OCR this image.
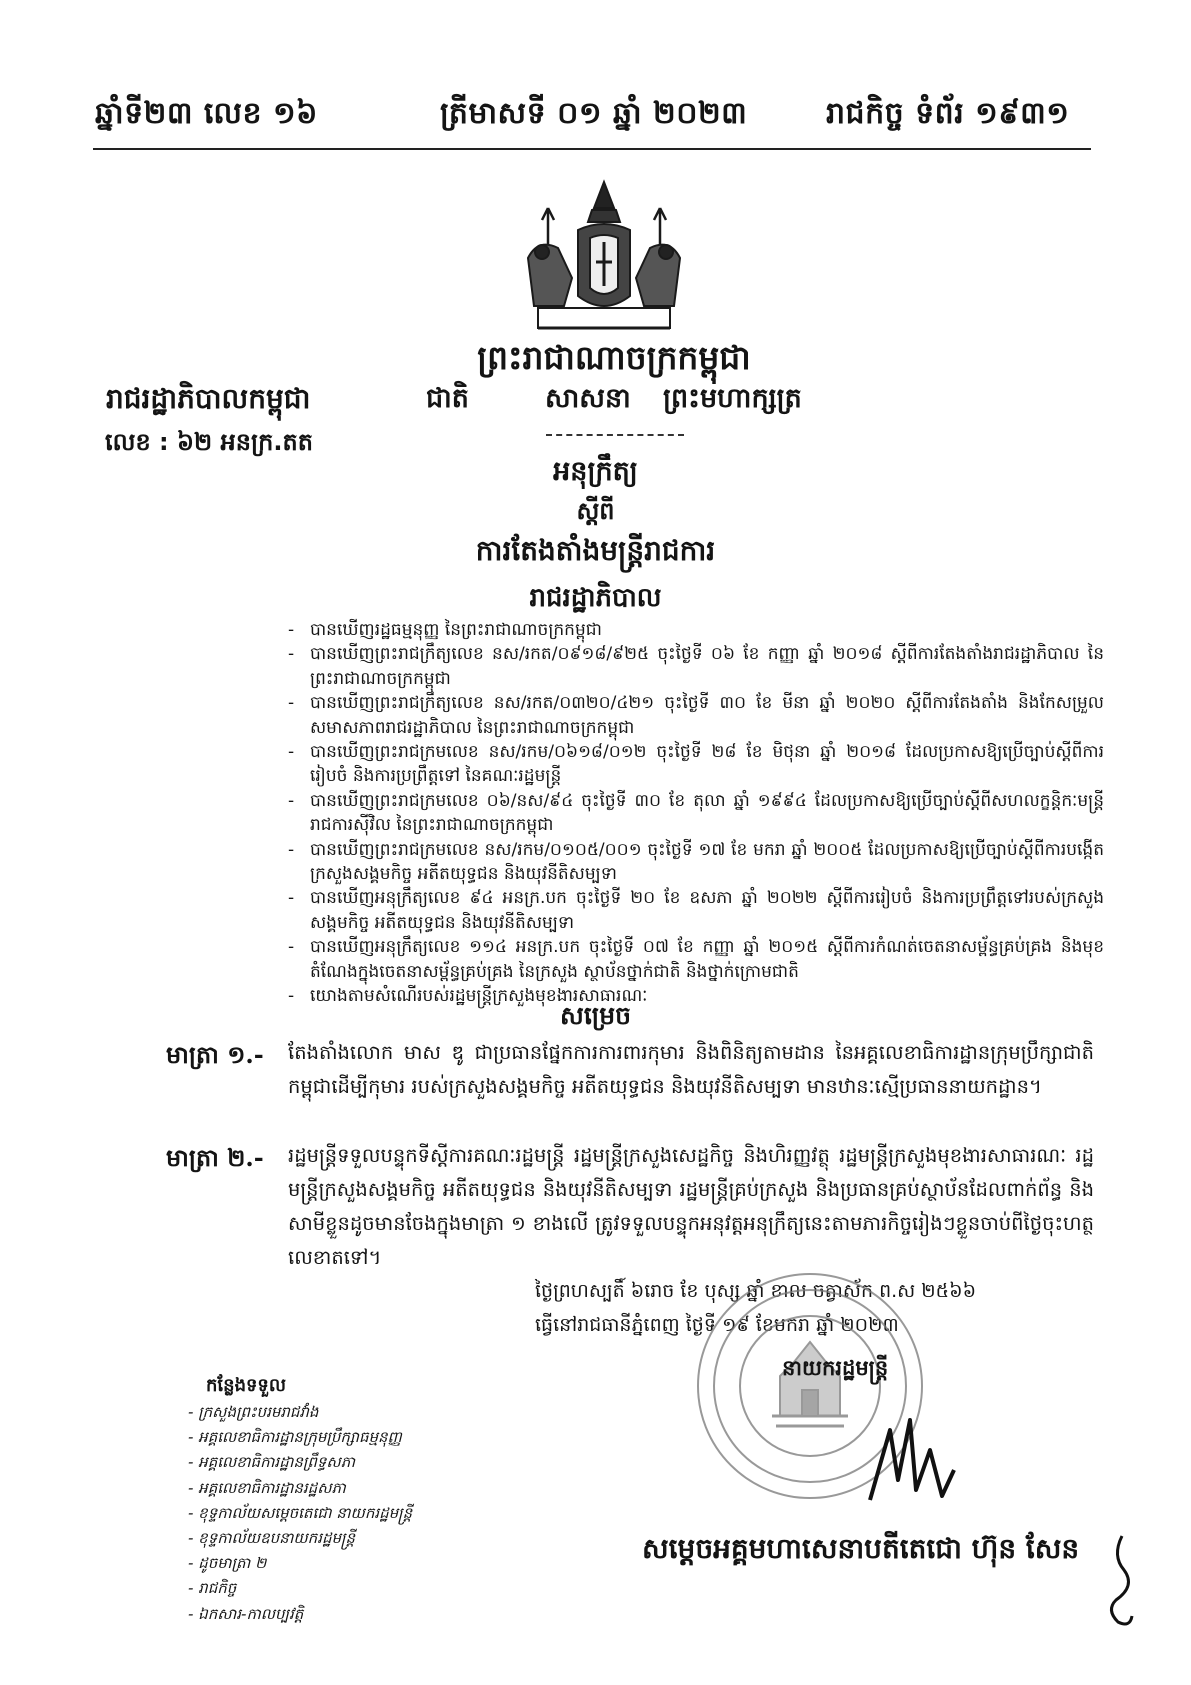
ឆ្នាំទី២៣ លេខ ១៦	ត្រីមាសទី ០១ ឆ្នាំ ២០២៣	រាជកិច្ច ទំព័រ ១៩៣១
ព្រះរាជាណាចក្រកម្ពុជា
ជាតិ	សាសនា ព្រះមហាក្សត្រ
រាជរដ្ឋាភិបាលកម្ពុជា
លេខ : ៦២ អនក្រ.តត
អនុក្រឹត្យ
ស្តីពី
ការតែងតាំងមន្ត្រីរាជការ
រាជរដ្ឋាភិបាល
- បានឃើញរដ្ឋធម្មនុញ្ញ នៃព្រះរាជាណាចក្រកម្ពុជា
- បានឃើញព្រះរាជក្រឹត្យលេខ នស/រកត/០៩១៨/៩២៥ ចុះថ្ងៃទី ០៦ ខែ កញ្ញា ឆ្នាំ ២០១៨ ស្តីពីការតែងតាំងរាជរដ្ឋាភិបាល នៃព្រះរាជាណាចក្រកម្ពុជា
- បានឃើញព្រះរាជក្រឹត្យលេខ នស/រកត/០៣២០/៤២១ ចុះថ្ងៃទី ៣០ ខែ មីនា ឆ្នាំ ២០២០ ស្តីពីការតែងតាំង និងកែសម្រួលសមាសភាពរាជរដ្ឋាភិបាល នៃព្រះរាជាណាចក្រកម្ពុជា
- បានឃើញព្រះរាជក្រមលេខ នស/រកម/០៦១៨/០១២ ចុះថ្ងៃទី ២៨ ខែ មិថុនា ឆ្នាំ ២០១៨ ដែលប្រកាសឱ្យប្រើច្បាប់ស្តីពីការរៀបចំ និងការប្រព្រឹត្តទៅ នៃគណៈរដ្ឋមន្ត្រី
- បានឃើញព្រះរាជក្រមលេខ ០៦/នស/៩៤ ចុះថ្ងៃទី ៣០ ខែ តុលា ឆ្នាំ ១៩៩៤ ដែលប្រកាសឱ្យប្រើច្បាប់ស្តីពីសហលក្ខន្តិកៈមន្ត្រីរាជការស៊ីវិល នៃព្រះរាជាណាចក្រកម្ពុជា
- បានឃើញព្រះរាជក្រមលេខ នស/រកម/០១០៥/០០១ ចុះថ្ងៃទី ១៧ ខែ មករា ឆ្នាំ ២០០៥ ដែលប្រកាសឱ្យប្រើច្បាប់ស្តីពីការបង្កើតក្រសួងសង្គមកិច្ច អតីតយុទ្ធជន និងយុវនីតិសម្បទា
- បានឃើញអនុក្រឹត្យលេខ ៩៤ អនក្រ.បក ចុះថ្ងៃទី ២០ ខែ ឧសភា ឆ្នាំ ២០២២ ស្តីពីការរៀបចំ និងការប្រព្រឹត្តទៅរបស់ក្រសួងសង្គមកិច្ច អតីតយុទ្ធជន និងយុវនីតិសម្បទា
- បានឃើញអនុក្រឹត្យលេខ ១១៤ អនក្រ.បក ចុះថ្ងៃទី ០៧ ខែ កញ្ញា ឆ្នាំ ២០១៥ ស្តីពីការកំណត់ចេតនាសម្ព័ន្ធគ្រប់គ្រង និងមុខតំណែងក្នុងចេតនាសម្ព័ន្ធគ្រប់គ្រង នៃក្រសួង ស្ថាប័នថ្នាក់ជាតិ និងថ្នាក់ក្រោមជាតិ
- យោងតាមសំណើរបស់រដ្ឋមន្ត្រីក្រសួងមុខងារសាធារណៈ
សម្រេច
មាត្រា ១.- តែងតាំងលោក មាស ឌូ ជាប្រធានផ្នែកការការពារកុមារ និងពិនិត្យតាមដាន នៃអគ្គលេខាធិការដ្ឋានក្រុមប្រឹក្សាជាតិកម្ពុជាដើម្បីកុមារ របស់ក្រសួងសង្គមកិច្ច អតីតយុទ្ធជន និងយុវនីតិសម្បទា មានឋានៈស្មើប្រធាននាយកដ្ឋាន។
មាត្រា ២.- រដ្ឋមន្ត្រីទទួលបន្ទុកទីស្តីការគណៈរដ្ឋមន្ត្រី រដ្ឋមន្ត្រីក្រសួងសេដ្ឋកិច្ច និងហិរញ្ញវត្ថុ រដ្ឋមន្ត្រីក្រសួងមុខងារសាធារណៈ រដ្ឋមន្ត្រីក្រសួងសង្គមកិច្ច អតីតយុទ្ធជន និងយុវនីតិសម្បទា រដ្ឋមន្ត្រីគ្រប់ក្រសួង និងប្រធានគ្រប់ស្ថាប័នដែលពាក់ព័ន្ធ និងសាមីខ្លួនដូចមានចែងក្នុងមាត្រា ១ ខាងលើ ត្រូវទទួលបន្ទុកអនុវត្តអនុក្រឹត្យនេះតាមភារកិច្ចរៀងៗខ្លួនចាប់ពីថ្ងៃចុះហត្ថលេខាតទៅ។
ថ្ងៃព្រហស្បតិ៍ ៦រោច ខែ បុស្ស ឆ្នាំ ខាល ចត្វាស័ក ព.ស ២៥៦៦
ធ្វើនៅរាជធានីភ្នំពេញ ថ្ងៃទី ១៩ ខែមករា ឆ្នាំ ២០២៣
នាយករដ្ឋមន្ត្រី
សម្តេចអគ្គមហាសេនាបតីតេជោ ហ៊ុន សែន
កន្លែងទទួល
- ក្រសួងព្រះបរមរាជវាំង
- អគ្គលេខាធិការដ្ឋានក្រុមប្រឹក្សាធម្មនុញ្ញ
- អគ្គលេខាធិការដ្ឋានព្រឹទ្ធសភា
- អគ្គលេខាធិការដ្ឋានរដ្ឋសភា
- ខុទ្ទកាល័យសម្តេចតេជោ នាយករដ្ឋមន្ត្រី
- ខុទ្ទកាល័យឧបនាយករដ្ឋមន្ត្រី
- ដូចមាត្រា ២
- រាជកិច្ច
- ឯកសារ-កាលប្បវត្តិ
